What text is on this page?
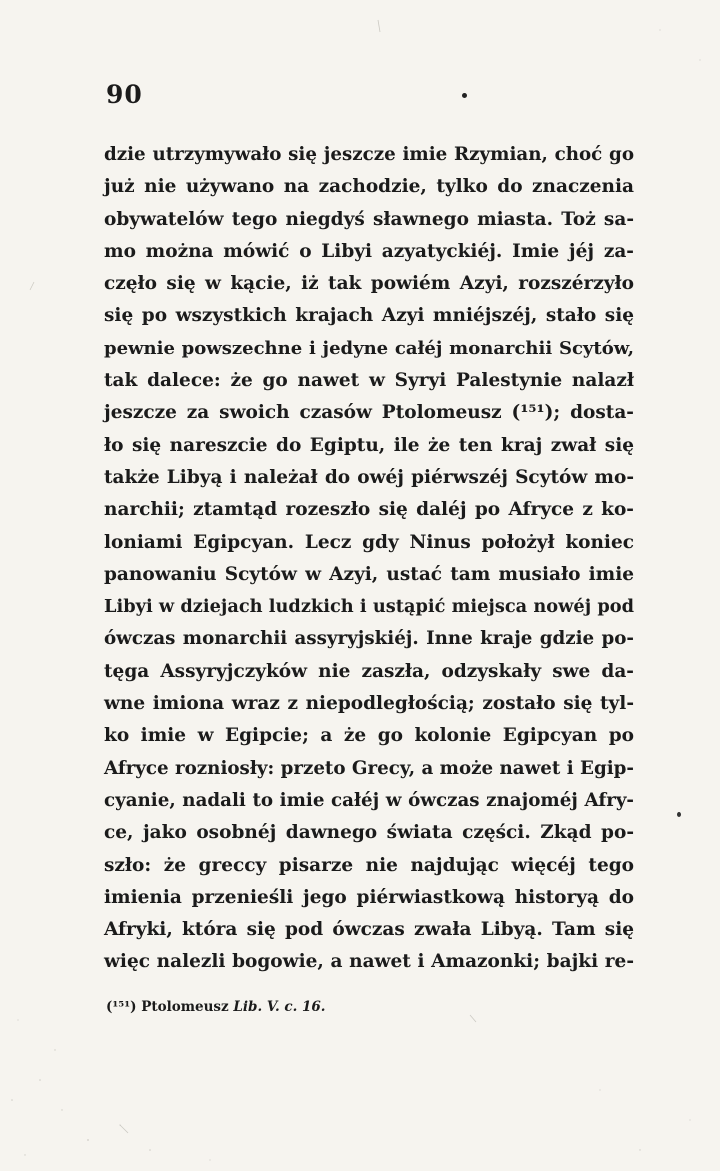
90
dzie utrzymywało się jeszcze imie Rzymian, choć go
już nie używano na zachodzie, tylko do znaczenia
obywatelów tego niegdyś sławnego miasta. Toż sa-
mo można mówić o Libyi azyatyckiéj. Imie jéj za-
częło się w kącie, iż tak powiém Azyi, rozszérzyło
się po wszystkich krajach Azyi mniéjszéj, stało się
pewnie powszechne i jedyne całéj monarchii Scytów,
tak dalece: że go nawet w Syryi Palestynie nalazł
jeszcze za swoich czasów Ptolomeusz (¹⁵¹); dosta-
ło się nareszcie do Egiptu, ile że ten kraj zwał się
także Libyą i należał do owéj piérwszéj Scytów mo-
narchii; ztamtąd rozeszło się daléj po Afryce z ko-
loniami Egipcyan. Lecz gdy Ninus położył koniec
panowaniu Scytów w Azyi, ustać tam musiało imie
Libyi w dziejach ludzkich i ustąpić miejsca nowéj pod
ówczas monarchii assyryjskiéj. Inne kraje gdzie po-
tęga Assyryjczyków nie zaszła, odzyskały swe da-
wne imiona wraz z niepodległością; zostało się tyl-
ko imie w Egipcie; a że go kolonie Egipcyan po
Afryce rozniosły: przeto Grecy, a może nawet i Egip-
cyanie, nadali to imie całéj w ówczas znajoméj Afry-
ce, jako osobnéj dawnego świata części. Zkąd po-
szło: że greccy pisarze nie najdując więcéj tego
imienia przenieśli jego piérwiastkową historyą do
Afryki, która się pod ówczas zwała Libyą. Tam się
więc nalezli bogowie, a nawet i Amazonki; bajki re-
(¹⁵¹) Ptolomeusz Lib. V. c. 16.
